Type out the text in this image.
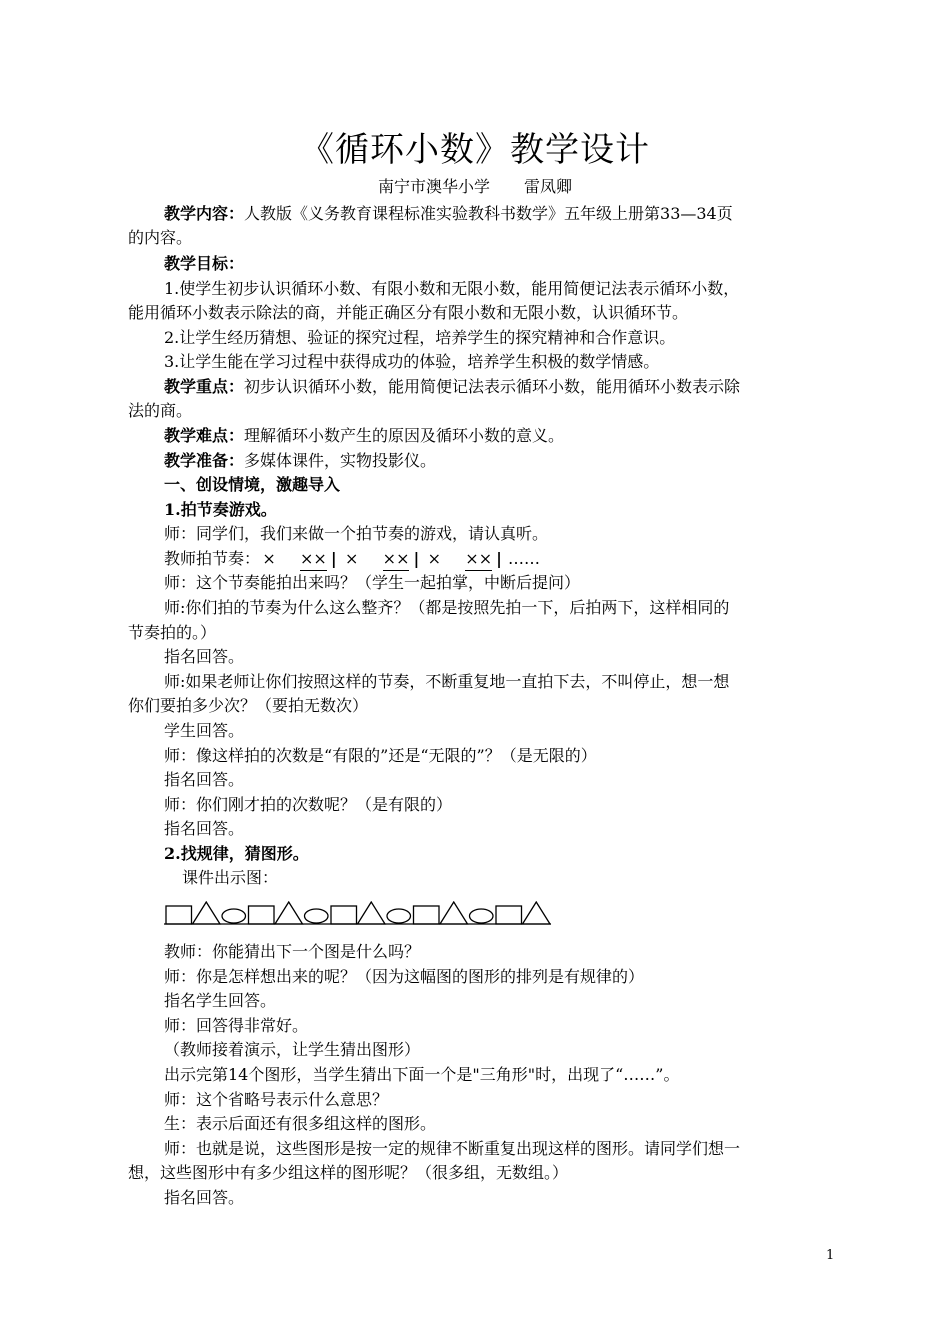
《循环小数》教学设计
南宁市澳华小学 雷凤卿
教学内容：人教版《义务教育课程标准实验教科书数学》五年级上册第33—34页
的内容。
教学目标：
1.使学生初步认识循环小数、有限小数和无限小数，能用简便记法表示循环小数，
能用循环小数表示除法的商，并能正确区分有限小数和无限小数，认识循环节。
2.让学生经历猜想、验证的探究过程，培养学生的探究精神和合作意识。
3.让学生能在学习过程中获得成功的体验，培养学生积极的数学情感。
教学重点：初步认识循环小数，能用简便记法表示循环小数，能用循环小数表示除
法的商。
教学难点：理解循环小数产生的原因及循环小数的意义。
教学准备：多媒体课件，实物投影仪。
一、创设情境，激趣导入
1.拍节奏游戏。
师：同学们，我们来做一个拍节奏的游戏，请认真听。
教师拍节奏： × ×× | × ×× | × ×× | ……
师：这个节奏能拍出来吗？（学生一起拍掌，中断后提问）
师:你们拍的节奏为什么这么整齐？（都是按照先拍一下，后拍两下，这样相同的
节奏拍的。）
指名回答。
师:如果老师让你们按照这样的节奏，不断重复地一直拍下去，不叫停止，想一想
你们要拍多少次？（要拍无数次）
学生回答。
师：像这样拍的次数是“有限的”还是“无限的”？（是无限的）
指名回答。
师：你们刚才拍的次数呢？（是有限的）
指名回答。
2.找规律，猜图形。
课件出示图：
教师：你能猜出下一个图是什么吗？
师：你是怎样想出来的呢？（因为这幅图的图形的排列是有规律的）
指名学生回答。
师：回答得非常好。
（教师接着演示，让学生猜出图形）
出示完第14个图形，当学生猜出下面一个是"三角形"时，出现了“……”。
师：这个省略号表示什么意思？
生：表示后面还有很多组这样的图形。
师：也就是说，这些图形是按一定的规律不断重复出现这样的图形。请同学们想一
想，这些图形中有多少组这样的图形呢？（很多组，无数组。）
指名回答。
1
